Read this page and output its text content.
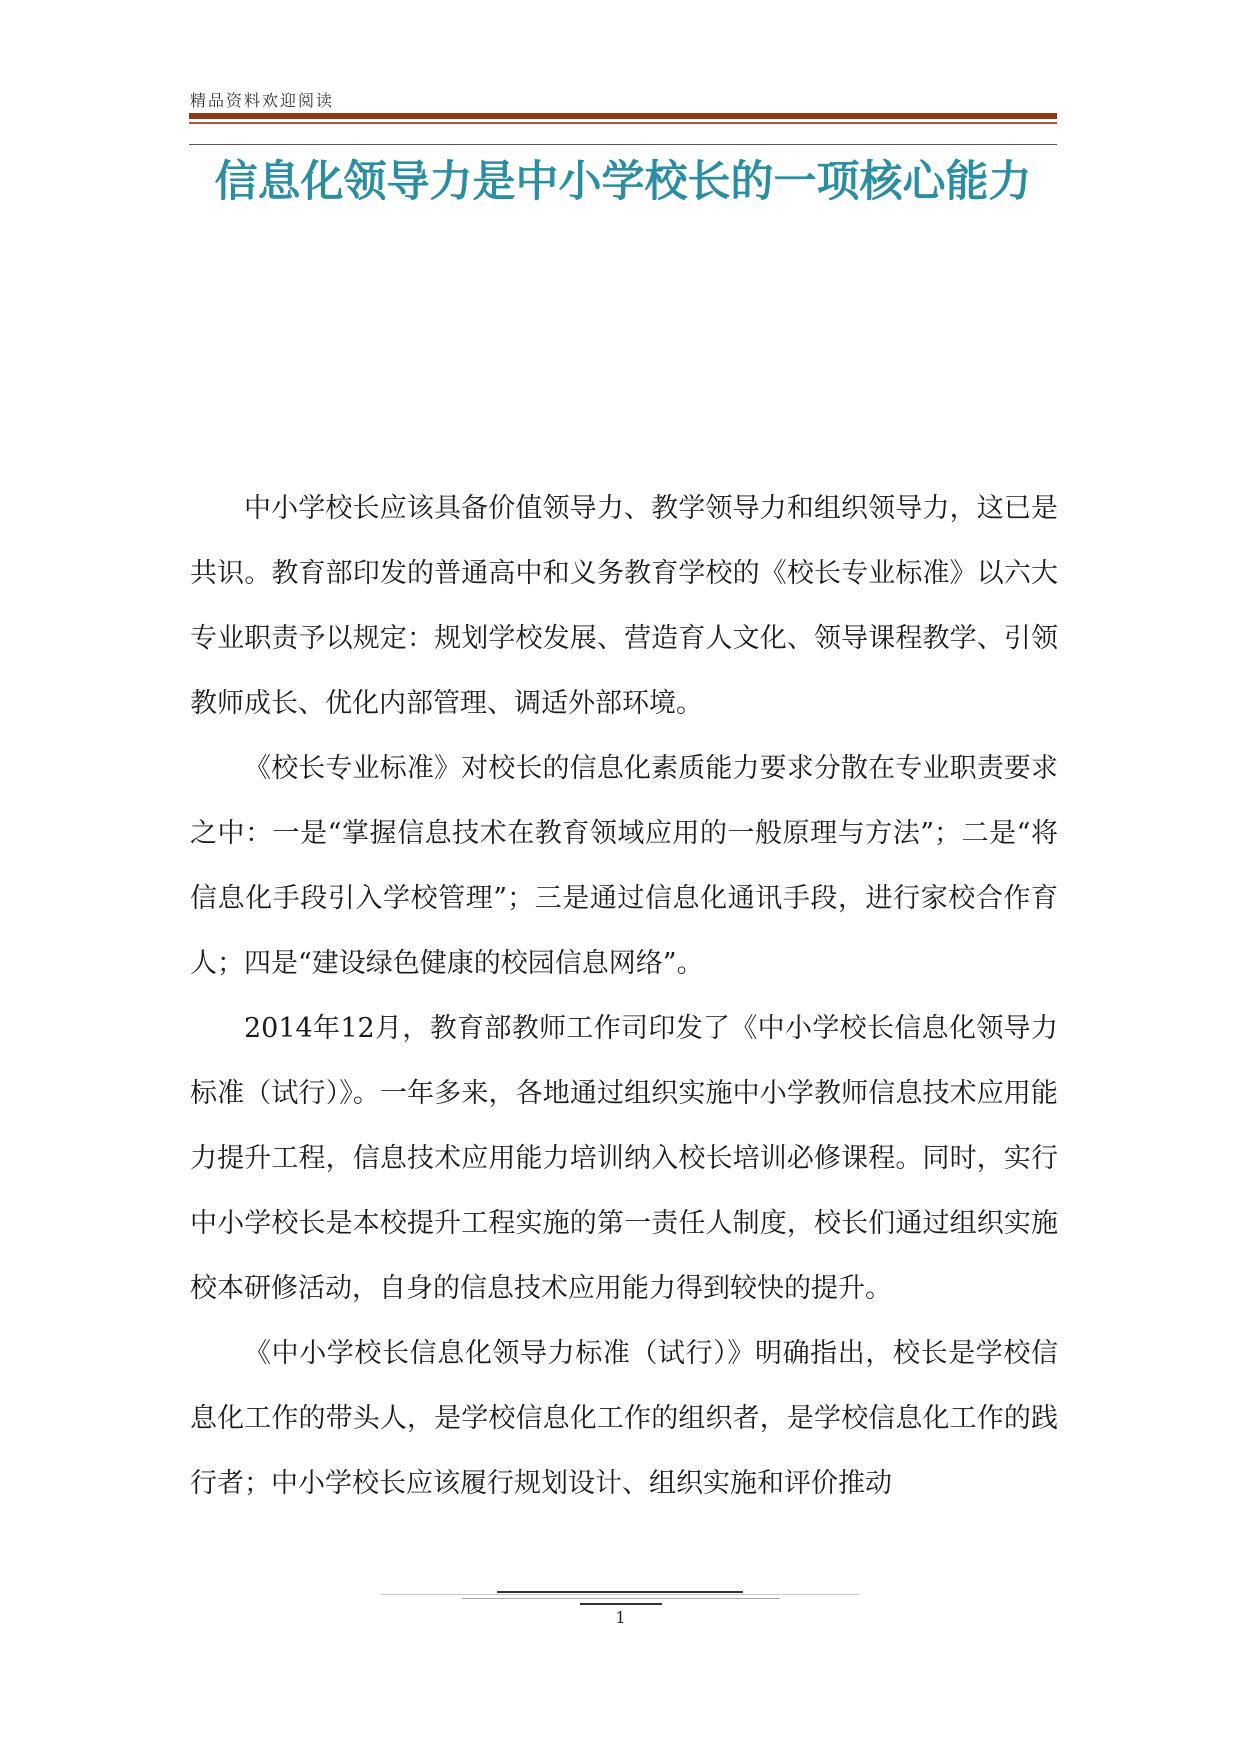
精品资料欢迎阅读
信息化领导力是中小学校长的一项核心能力

中小学校长应该具备价值领导力、教学领导力和组织领导力，这已是共识。教育部印发的普通高中和义务教育学校的《校长专业标准》以六大专业职责予以规定：规划学校发展、营造育人文化、领导课程教学、引领教师成长、优化内部管理、调适外部环境。

《校长专业标准》对校长的信息化素质能力要求分散在专业职责要求之中：一是“掌握信息技术在教育领域应用的一般原理与方法”；二是“将信息化手段引入学校管理”；三是通过信息化通讯手段，进行家校合作育人；四是“建设绿色健康的校园信息网络”。

2014年12月，教育部教师工作司印发了《中小学校长信息化领导力标准（试行）》。一年多来，各地通过组织实施中小学教师信息技术应用能力提升工程，信息技术应用能力培训纳入校长培训必修课程。同时，实行中小学校长是本校提升工程实施的第一责任人制度，校长们通过组织实施校本研修活动，自身的信息技术应用能力得到较快的提升。

《中小学校长信息化领导力标准（试行）》明确指出，校长是学校信息化工作的带头人，是学校信息化工作的组织者，是学校信息化工作的践行者；中小学校长应该履行规划设计、组织实施和评价推动

1
